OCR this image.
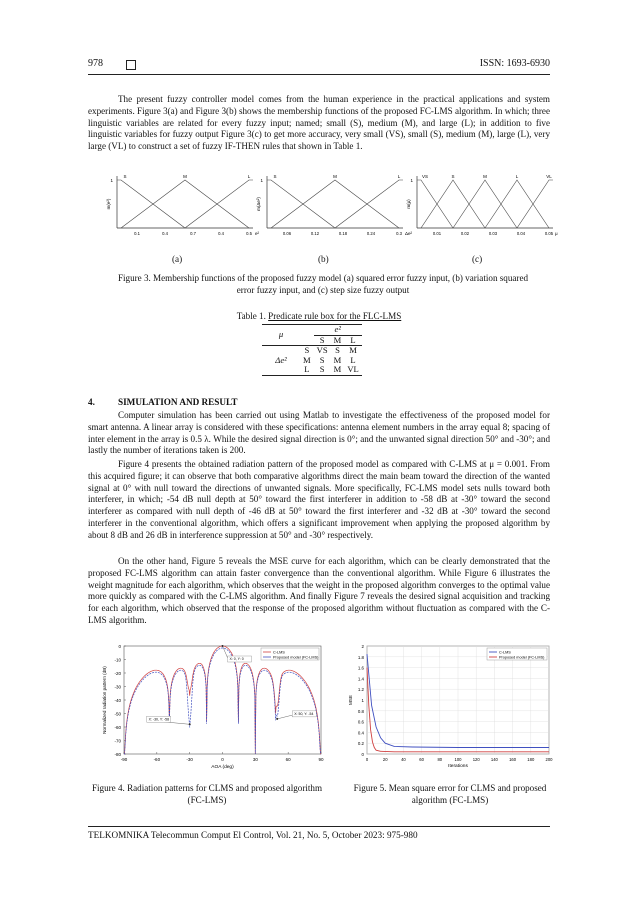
978	ISSN: 1693-6930

The present fuzzy controller model comes from the human experience in the practical applications and system experiments. Figure 3(a) and Figure 3(b) shows the membership functions of the proposed FC-LMS algorithm. In which; three linguistic variables are related for every fuzzy input; named; small (S), medium (M), and large (L); in addition to five linguistic variables for fuzzy output Figure 3(c) to get more accuracy, very small (VS), small (S), medium (M), large (L), very large (VL) to construct a set of fuzzy IF-THEN rules that shown in Table 1.

m(e²)
1
S	M	L
0.1	0.4	0.7	0.4	0.5 e²
m(Δe²)
1
S	M	L
0.06	0.12	0.18	0.24	0.3 Δe²
m(μ)
1
VS	S	M	L	VL
0.01	0.02	0.03	0.04	0.05 μ
(a)	(b)	(c)
Figure 3. Membership functions of the proposed fuzzy model (a) squared error fuzzy input, (b) variation squared error fuzzy input, and (c) step size fuzzy output
Table 1. Predicate rule box for the FLC-LMS
μ		e²		
		S	M	L
Δe²	S	VS	S	M
	M	S	M	L
	L	S	M	VL
4.	SIMULATION AND RESULT

Computer simulation has been carried out using Matlab to investigate the effectiveness of the proposed model for smart antenna. A linear array is considered with these specifications: antenna element numbers in the array equal 8; spacing of inter element in the array is 0.5 λ. While the desired signal direction is 0°; and the unwanted signal direction 50° and -30°; and lastly the number of iterations taken is 200.

Figure 4 presents the obtained radiation pattern of the proposed model as compared with C-LMS at μ = 0.001. From this acquired figure; it can observe that both comparative algorithms direct the main beam toward the direction of the wanted signal at 0° with null toward the directions of unwanted signals. More specifically, FC-LMS model sets nulls toward both interferer, in which; -54 dB null depth at 50° toward the first interferer in addition to -58 dB at -30° toward the second interferer as compared with null depth of -46 dB at 50° toward the first interferer and -32 dB at -30° toward the second interferer in the conventional algorithm, which offers a significant improvement when applying the proposed algorithm by about 8 dB and 26 dB in interference suppression at 50° and -30° respectively.

On the other hand, Figure 5 reveals the MSE curve for each algorithm, which can be clearly demonstrated that the proposed FC-LMS algorithm can attain faster convergence than the conventional algorithm. While Figure 6 illustrates the weight magnitude for each algorithm, which observes that the weight in the proposed algorithm converges to the optimal value more quickly as compared with the C-LMS algorithm. And finally Figure 7 reveals the desired signal acquisition and tracking for each algorithm, which observed that the response of the proposed algorithm without fluctuation as compared with the C-LMS algorithm.

0
-10
-20
-30
-40
-50
-60
-70
-80
-90	-60	-30	0	30	60	90
AOA (deg)
Normalized radiation pattern (dB)
C-LMS
Proposed model (FC-LMS)
X: 0, Y: 0
X: -30, Y: -58
X: 50, Y: -54
Figure 4. Radiation patterns for CLMS and proposed algorithm (FC-LMS)
0
0.2
0.4
0.6
0.8
1
1.2
1.4
1.6
1.8
2
0	20	40	60	80	100	120	140	160	180	200
Iterations
MSE
C-LMS
Proposed model (FC-LMS)
Figure 5. Mean square error for CLMS and proposed algorithm (FC-LMS)
TELKOMNIKA Telecommun Comput El Control, Vol. 21, No. 5, October 2023: 975-980
